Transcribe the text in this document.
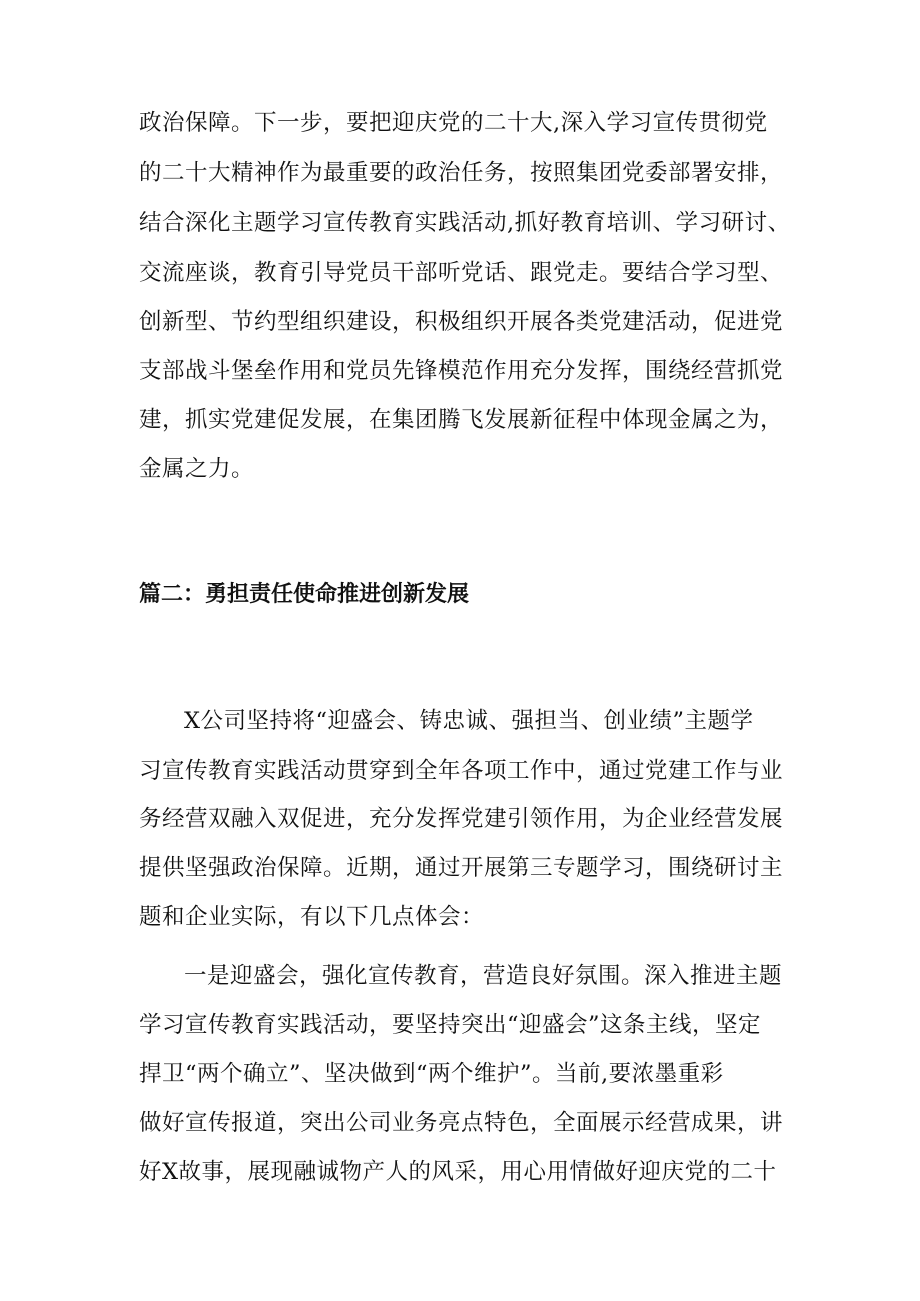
政治保障。下一步，要把迎庆党的二十大,深入学习宣传贯彻党
的二十大精神作为最重要的政治任务，按照集团党委部署安排，
结合深化主题学习宣传教育实践活动,抓好教育培训、学习研讨、
交流座谈，教育引导党员干部听党话、跟党走。要结合学习型、
创新型、节约型组织建设，积极组织开展各类党建活动，促进党
支部战斗堡垒作用和党员先锋模范作用充分发挥，围绕经营抓党
建，抓实党建促发展，在集团腾飞发展新征程中体现金属之为，
金属之力。
篇二：勇担责任使命推进创新发展
X公司坚持将“迎盛会、铸忠诚、强担当、创业绩”主题学
习宣传教育实践活动贯穿到全年各项工作中，通过党建工作与业
务经营双融入双促进，充分发挥党建引领作用，为企业经营发展
提供坚强政治保障。近期，通过开展第三专题学习，围绕研讨主
题和企业实际，有以下几点体会：
一是迎盛会，强化宣传教育，营造良好氛围。深入推进主题
学习宣传教育实践活动，要坚持突出“迎盛会”这条主线，坚定
捍卫“两个确立”、坚决做到“两个维护”。当前,要浓墨重彩
做好宣传报道，突出公司业务亮点特色，全面展示经营成果，讲
好X故事，展现融诚物产人的风采，用心用情做好迎庆党的二十
